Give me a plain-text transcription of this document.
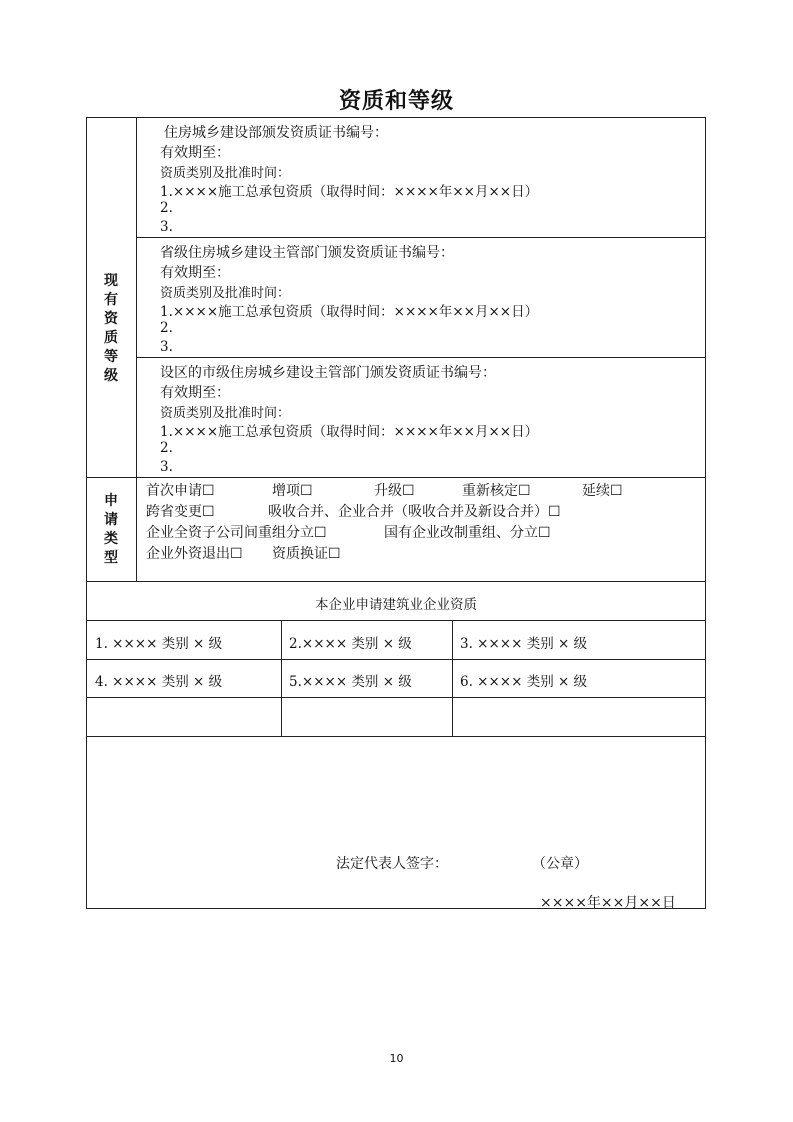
资质和等级
现
有
资
质
等
级
住房城乡建设部颁发资质证书编号：
有效期至：
资质类别及批准时间：
1.××××施工总承包资质（取得时间：××××年××月××日）
2.
3.
省级住房城乡建设主管部门颁发资质证书编号：
有效期至：
资质类别及批准时间：
1.××××施工总承包资质（取得时间：××××年××月××日）
2.
3.
设区的市级住房城乡建设主管部门颁发资质证书编号：
有效期至：
资质类别及批准时间：
1.××××施工总承包资质（取得时间：××××年××月××日）
2.
3.
申
请
类
型
首次申请☐	增项☐	升级☐	重新核定☐	延续☐
跨省变更☐	吸收合并、企业合并（吸收合并及新设合并）☐
企业全资子公司间重组分立☐	国有企业改制重组、分立☐
企业外资退出☐ 资质换证☐
本企业申请建筑业企业资质
1. ×××× 类别 × 级	2.×××× 类别 × 级	3. ×××× 类别 × 级
4. ×××× 类别 × 级	5.×××× 类别 × 级	6. ×××× 类别 × 级
法定代表人签字：	（公章）
××××年××月××日
10
